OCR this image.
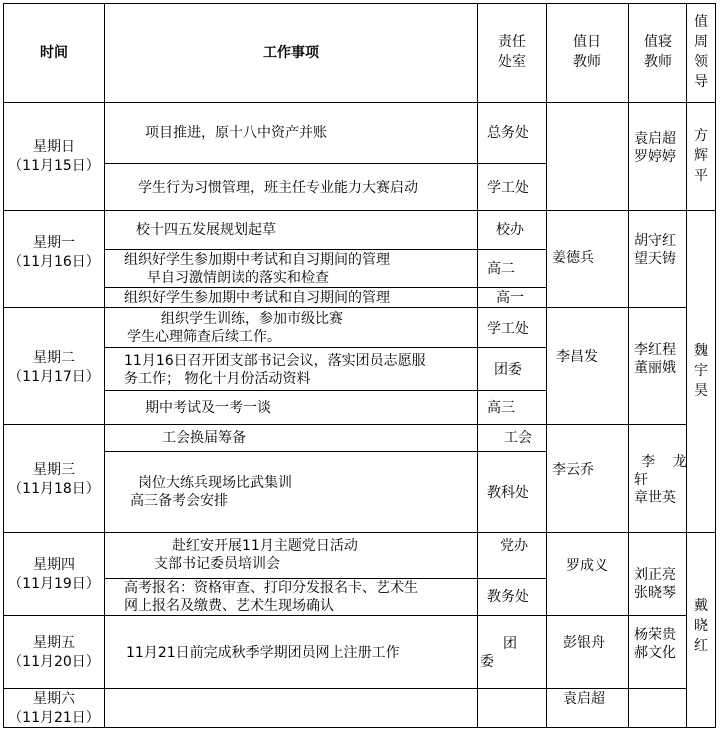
时间	工作事项
责任
处室
值日
教师
值寝
教师
值
周
领
导
星期日
（11月15日）
星期一
（11月16日）
星期二
（11月17日）
星期三
（11月18日）
星期四
（11月19日）
星期五
（11月20日）
星期六
（11月21日）
项目推进，原十八中资产并账
学生行为习惯管理，班主任专业能力大赛启动
校十四五发展规划起草
组织好学生参加期中考试和自习期间的管理
早自习激情朗读的落实和检查
组织好学生参加期中考试和自习期间的管理
组织学生训练，参加市级比赛
学生心理筛查后续工作。
11月16日召开团支部书记会议，落实团员志愿服
务工作； 物化十月份活动资料
期中考试及一考一谈
工会换届筹备
岗位大练兵现场比武集训
高三备考会安排
赴红安开展11月主题党日活动
支部书记委员培训会
高考报名：资格审查、打印分发报名卡、艺术生
网上报名及缴费、艺术生现场确认
11月21日前完成秋季学期团员网上注册工作
总务处
学工处
校办
高二
高一
学工处
团委
高三
工会
教科处
党办
教务处
团
委
姜德兵
李昌发
李云乔
罗成义
彭银舟
袁启超
袁启超
罗婷婷
胡守红
望天铸
李红程
董丽娥
李    龙
轩
章世英
刘正亮
张晓琴
杨荣贵
郝文化
方
辉
平
魏
宇
昊
戴
晓
红
